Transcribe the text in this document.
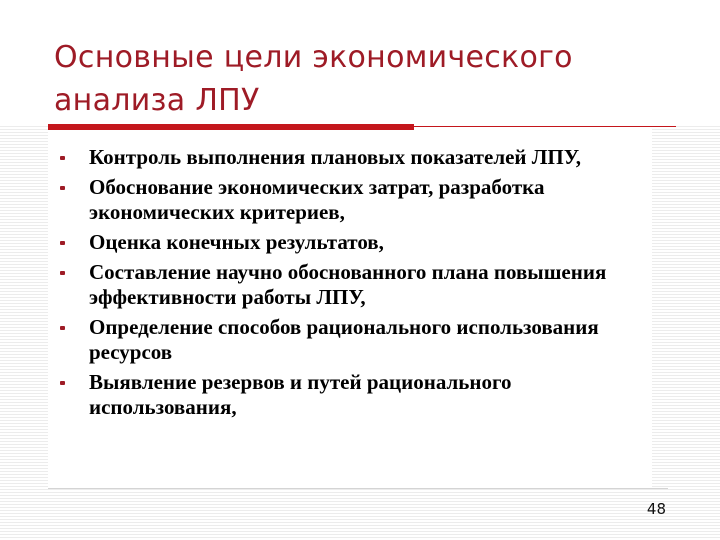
Основные цели экономического анализа ЛПУ
Контроль выполнения плановых показателей ЛПУ,
Обоснование экономических затрат, разработка экономических критериев,
Оценка конечных результатов,
Составление научно обоснованного плана повышения эффективности работы ЛПУ,
Определение способов рационального использования ресурсов
Выявление резервов и путей рационального использования,
48
